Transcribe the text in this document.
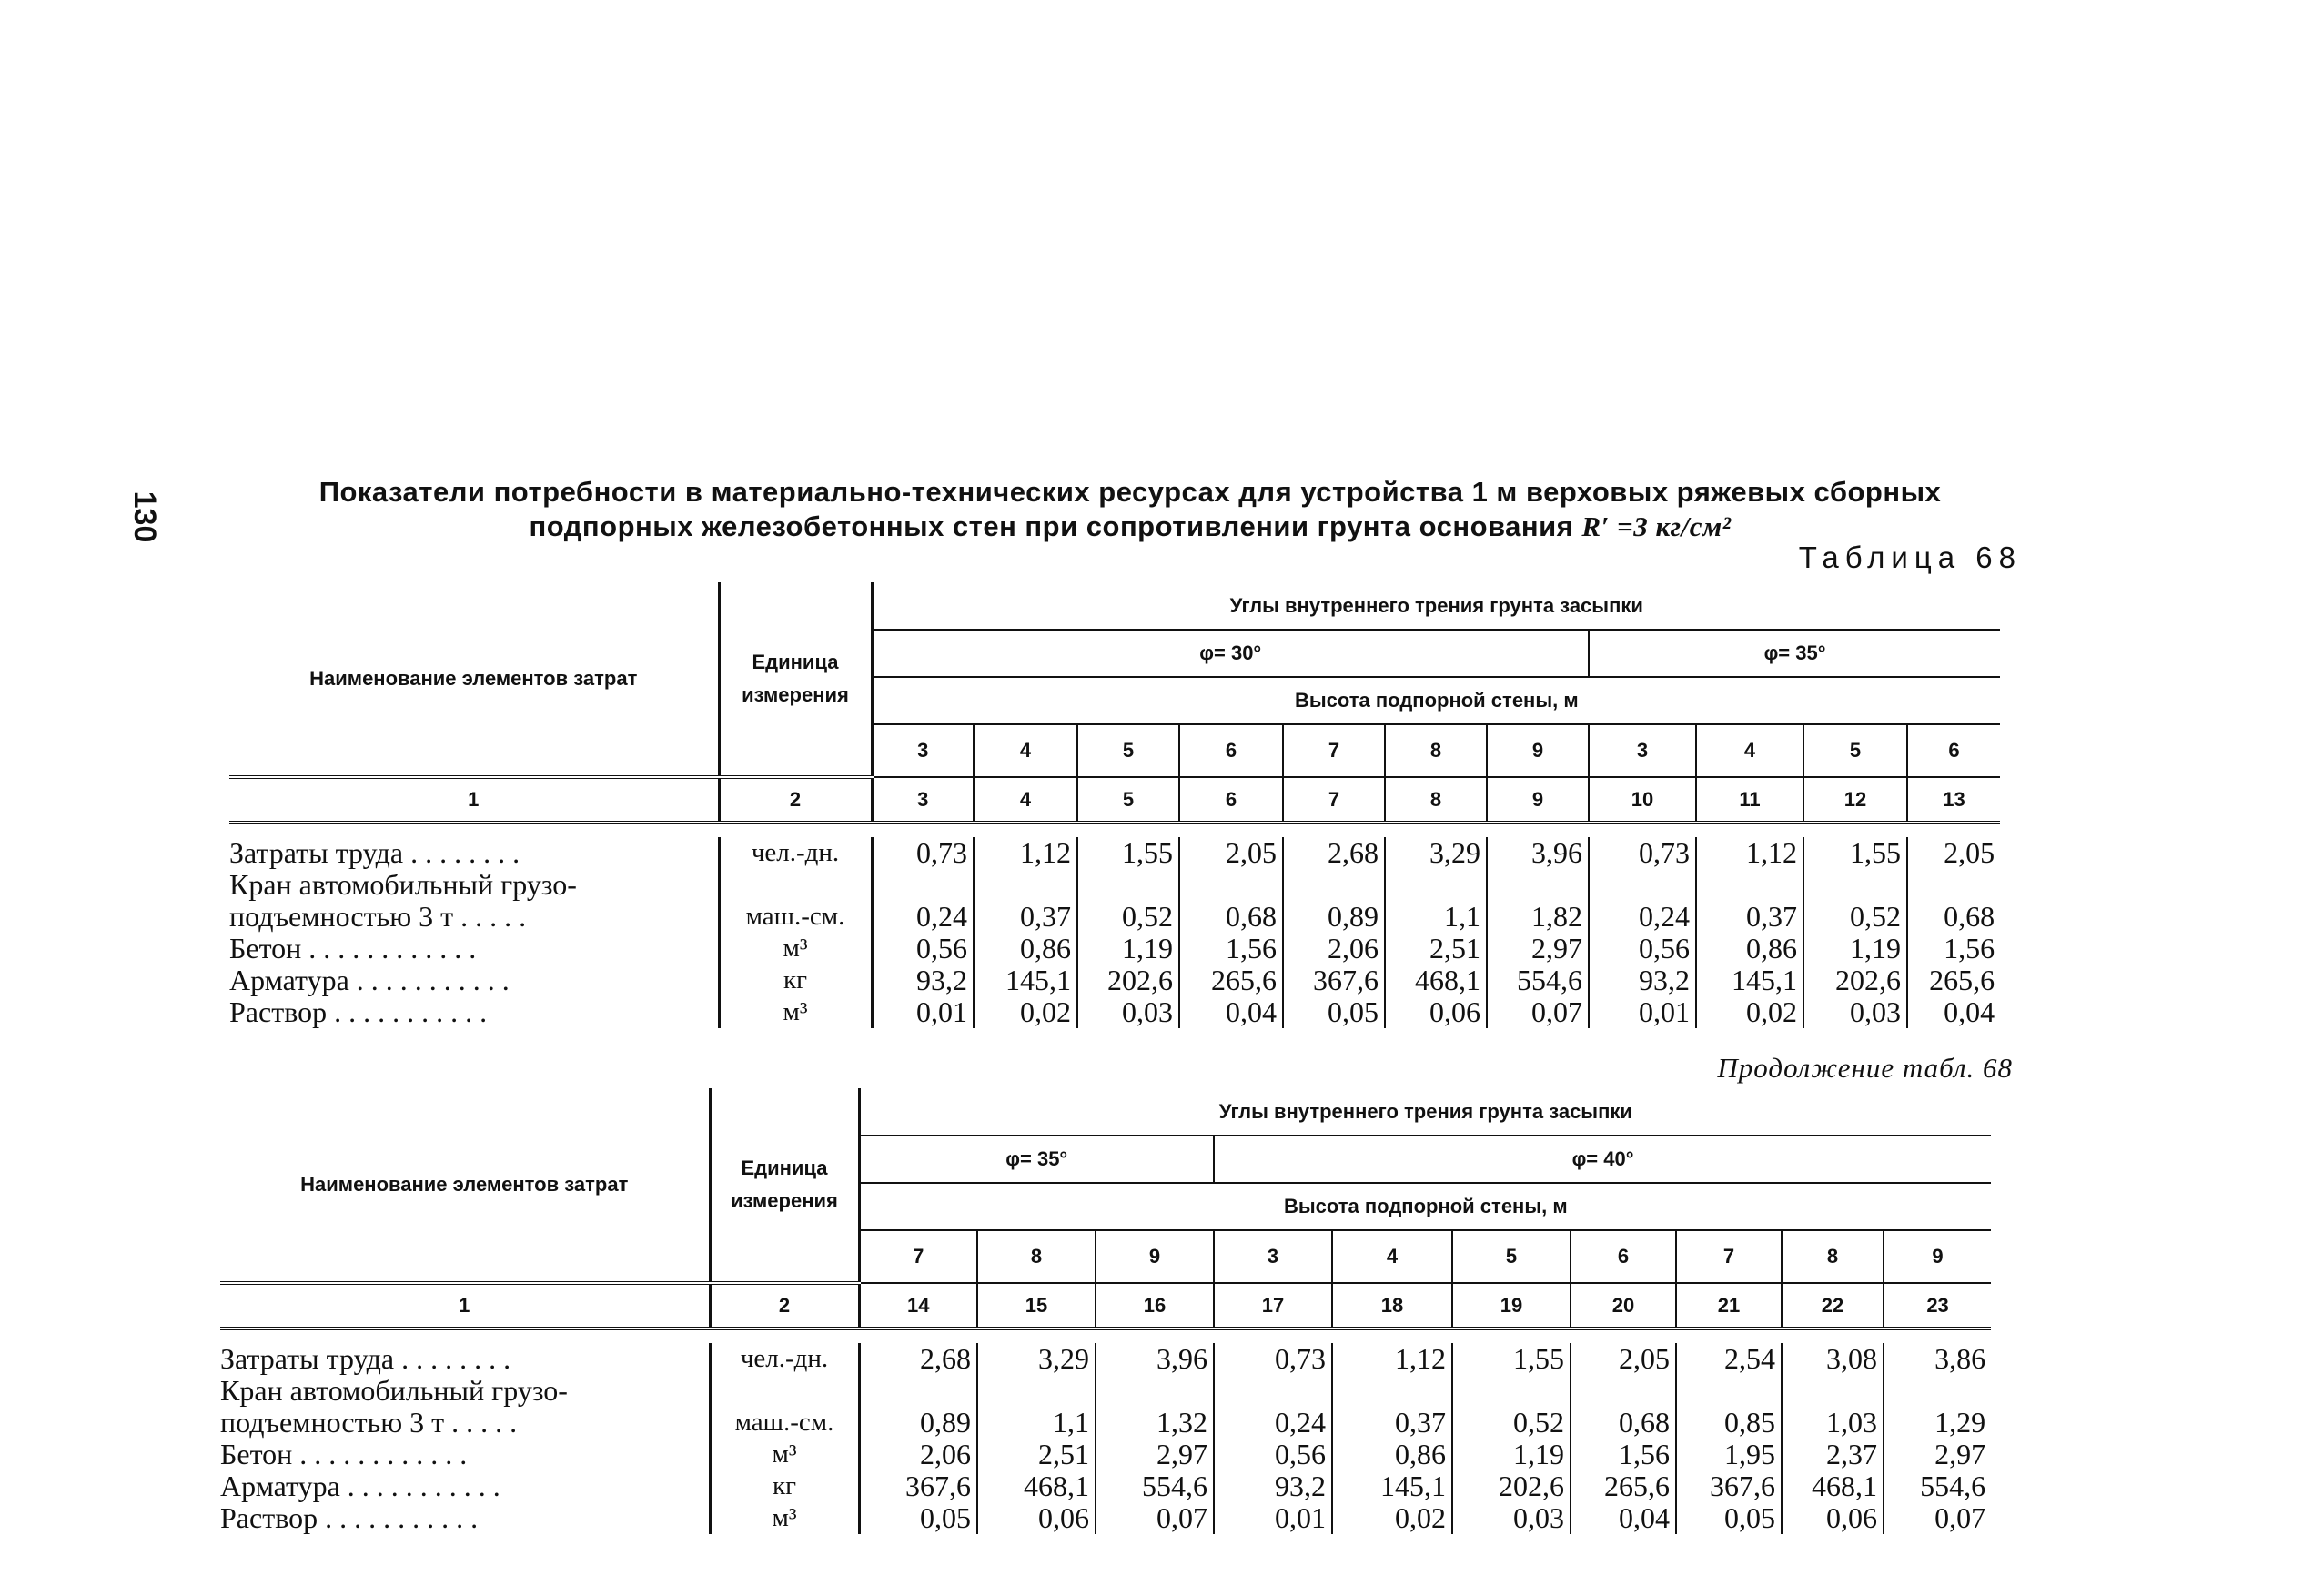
130	Показатели потребности в материально-технических ресурсах для устройства 1 м верховых ряжевых сборных
подпорных железобетонных стен при сопротивлении грунта основания R′ =3 кг/см²
Таблица 68
Наименование элементов затрат	Единица
измерения	Углы внутреннего трения грунта засыпки										
		φ= 30°							φ= 35°			
		Высота подпорной стены, м										
		3	4	5	6	7	8	9	3	4	5	6
1	2	3	4	5	6	7	8	9	10	11	12	13

Затраты труда . . . . . . . .	чел.-дн.	0,73	1,12	1,55	2,05	2,68	3,29	3,96	0,73	1,12	1,55	2,05
Кран автомобильный грузо-												
подъемностью 3 т . . . . .	маш.-см.	0,24	0,37	0,52	0,68	0,89	1,1	1,82	0,24	0,37	0,52	0,68
Бетон . . . . . . . . . . . .	м³	0,56	0,86	1,19	1,56	2,06	2,51	2,97	0,56	0,86	1,19	1,56
Арматура . . . . . . . . . . .	кг	93,2	145,1	202,6	265,6	367,6	468,1	554,6	93,2	145,1	202,6	265,6
Раствор . . . . . . . . . . .	м³	0,01	0,02	0,03	0,04	0,05	0,06	0,07	0,01	0,02	0,03	0,04
Продолжение табл. 68
Наименование элементов затрат	Единица
измерения	Углы внутреннего трения грунта засыпки									
		φ= 35°			φ= 40°						
		Высота подпорной стены, м									
		7	8	9	3	4	5	6	7	8	9
1	2	14	15	16	17	18	19	20	21	22	23

Затраты труда . . . . . . . .	чел.-дн.	2,68	3,29	3,96	0,73	1,12	1,55	2,05	2,54	3,08	3,86
Кран автомобильный грузо-											
подъемностью 3 т . . . . .	маш.-см.	0,89	1,1	1,32	0,24	0,37	0,52	0,68	0,85	1,03	1,29
Бетон . . . . . . . . . . . .	м³	2,06	2,51	2,97	0,56	0,86	1,19	1,56	1,95	2,37	2,97
Арматура . . . . . . . . . . .	кг	367,6	468,1	554,6	93,2	145,1	202,6	265,6	367,6	468,1	554,6
Раствор . . . . . . . . . . .	м³	0,05	0,06	0,07	0,01	0,02	0,03	0,04	0,05	0,06	0,07
